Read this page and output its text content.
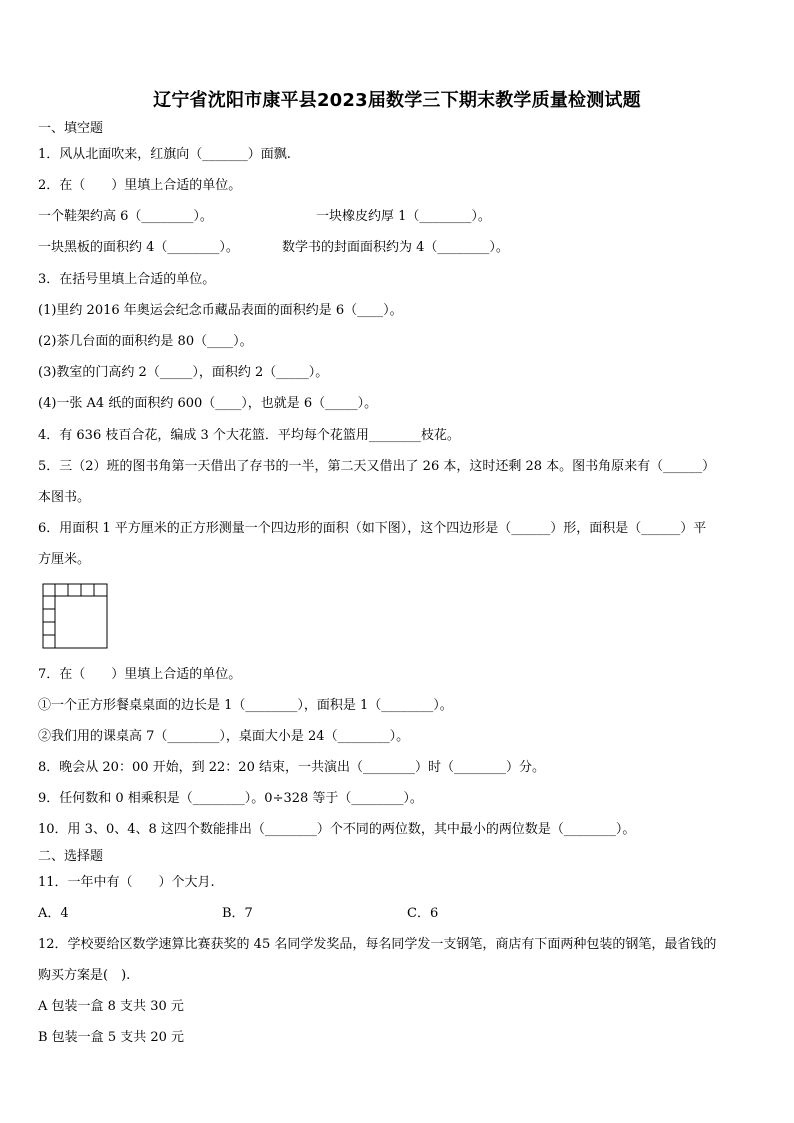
辽宁省沈阳市康平县2023届数学三下期末教学质量检测试题
一、填空题
1．风从北面吹来，红旗向（_______）面飘.
2．在（　　）里填上合适的单位。
一个鞋架约高 6（________）。	一块橡皮约厚 1（________）。
一块黑板的面积约 4（________）。	数学书的封面面积约为 4（________）。
3．在括号里填上合适的单位。
(1)里约 2016 年奥运会纪念币藏品表面的面积约是 6（____）。
(2)茶几台面的面积约是 80（____）。
(3)教室的门高约 2（_____），面积约 2（_____）。
(4)一张 A4 纸的面积约 600（____），也就是 6（_____）。
4．有 636 枝百合花，编成 3 个大花篮．平均每个花篮用________枝花。
5．三（2）班的图书角第一天借出了存书的一半，第二天又借出了 26 本，这时还剩 28 本。图书角原来有（______）
本图书。
6．用面积 1 平方厘米的正方形测量一个四边形的面积（如下图），这个四边形是（______）形，面积是（______）平
方厘米。
7．在（　　）里填上合适的单位。
①一个正方形餐桌桌面的边长是 1（________），面积是 1（________）。
②我们用的课桌高 7（________），桌面大小是 24（________）。
8．晚会从 20：00 开始，到 22：20 结束，一共演出（________）时（________）分。
9．任何数和 0 相乘积是（________）。0÷328 等于（________）。
10．用 3、0、4、8 这四个数能排出（________）个不同的两位数，其中最小的两位数是（________）。
二、选择题
11．一年中有（　　）个大月.
A．4	B．7	C．6
12．学校要给区数学速算比赛获奖的 45 名同学发奖品，每名同学发一支钢笔，商店有下面两种包装的钢笔，最省钱的
购买方案是(　).
A 包装一盒 8 支共 30 元
B 包装一盒 5 支共 20 元
